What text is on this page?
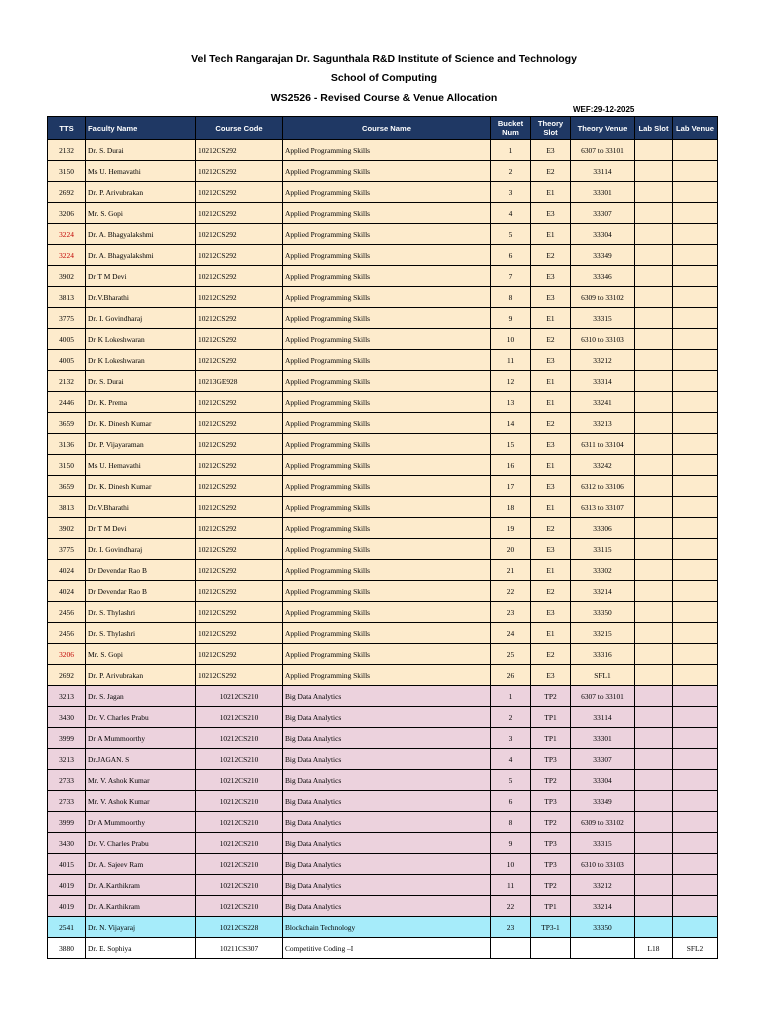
Vel Tech Rangarajan Dr. Sagunthala R&D Institute of Science and Technology
School of Computing
WS2526 - Revised Course & Venue Allocation
WEF:29-12-2025
TTS	Faculty Name	Course Code	Course Name	Bucket Num	Theory Slot	Theory Venue	Lab Slot	Lab Venue
2132	Dr. S. Durai	10212CS292	Applied Programming Skills	1	E3	6307 to 33101		
3150	Ms U. Hemavathi	10212CS292	Applied Programming Skills	2	E2	33114		
2692	Dr. P. Arivubrakan	10212CS292	Applied Programming Skills	3	E1	33301		
3206	Mr. S. Gopi	10212CS292	Applied Programming Skills	4	E3	33307		
3224	Dr. A. Bhagyalakshmi	10212CS292	Applied Programming Skills	5	E1	33304		
3224	Dr. A. Bhagyalakshmi	10212CS292	Applied Programming Skills	6	E2	33349		
3902	Dr T M Devi	10212CS292	Applied Programming Skills	7	E3	33346		
3813	Dr.V.Bharathi	10212CS292	Applied Programming Skills	8	E3	6309 to 33102		
3775	Dr. I. Govindharaj	10212CS292	Applied Programming Skills	9	E1	33315		
4005	Dr K Lokeshwaran	10212CS292	Applied Programming Skills	10	E2	6310 to 33103		
4005	Dr K Lokeshwaran	10212CS292	Applied Programming Skills	11	E3	33212		
2132	Dr. S. Durai	10213GE928	Applied Programming Skills	12	E1	33314		
2446	Dr. K. Prema	10212CS292	Applied Programming Skills	13	E1	33241		
3659	Dr. K. Dinesh Kumar	10212CS292	Applied Programming Skills	14	E2	33213		
3136	Dr. P. Vijayaraman	10212CS292	Applied Programming Skills	15	E3	6311 to 33104		
3150	Ms U. Hemavathi	10212CS292	Applied Programming Skills	16	E1	33242		
3659	Dr. K. Dinesh Kumar	10212CS292	Applied Programming Skills	17	E3	6312 to 33106		
3813	Dr.V.Bharathi	10212CS292	Applied Programming Skills	18	E1	6313 to 33107		
3902	Dr T M Devi	10212CS292	Applied Programming Skills	19	E2	33306		
3775	Dr. I. Govindharaj	10212CS292	Applied Programming Skills	20	E3	33115		
4024	Dr Devendar Rao B	10212CS292	Applied Programming Skills	21	E1	33302		
4024	Dr Devendar Rao B	10212CS292	Applied Programming Skills	22	E2	33214		
2456	Dr. S. Thylashri	10212CS292	Applied Programming Skills	23	E3	33350		
2456	Dr. S. Thylashri	10212CS292	Applied Programming Skills	24	E1	33215		
3206	Mr. S. Gopi	10212CS292	Applied Programming Skills	25	E2	33316		
2692	Dr. P. Arivubrakan	10212CS292	Applied Programming Skills	26	E3	SFL1		
3213	Dr. S. Jagan	10212CS210	Big Data Analytics	1	TP2	6307 to 33101		
3430	Dr. V. Charles Prabu	10212CS210	Big Data Analytics	2	TP1	33114		
3999	Dr A Mummoorthy	10212CS210	Big Data Analytics	3	TP1	33301		
3213	Dr.JAGAN. S	10212CS210	Big Data Analytics	4	TP3	33307		
2733	Mr. V. Ashok Kumar	10212CS210	Big Data Analytics	5	TP2	33304		
2733	Mr. V. Ashok Kumar	10212CS210	Big Data Analytics	6	TP3	33349		
3999	Dr A Mummoorthy	10212CS210	Big Data Analytics	8	TP2	6309 to 33102		
3430	Dr. V. Charles Prabu	10212CS210	Big Data Analytics	9	TP3	33315		
4015	Dr. A. Sajeev Ram	10212CS210	Big Data Analytics	10	TP3	6310 to 33103		
4019	Dr. A.Karthikram	10212CS210	Big Data Analytics	11	TP2	33212		
4019	Dr. A.Karthikram	10212CS210	Big Data Analytics	22	TP1	33214		
2541	Dr. N. Vijayaraj	10212CS228	Blockchain Technology	23	TP3-1	33350		
3880	Dr. E. Sophiya	10211CS307	Competitive Coding –I				L18	SFL2
